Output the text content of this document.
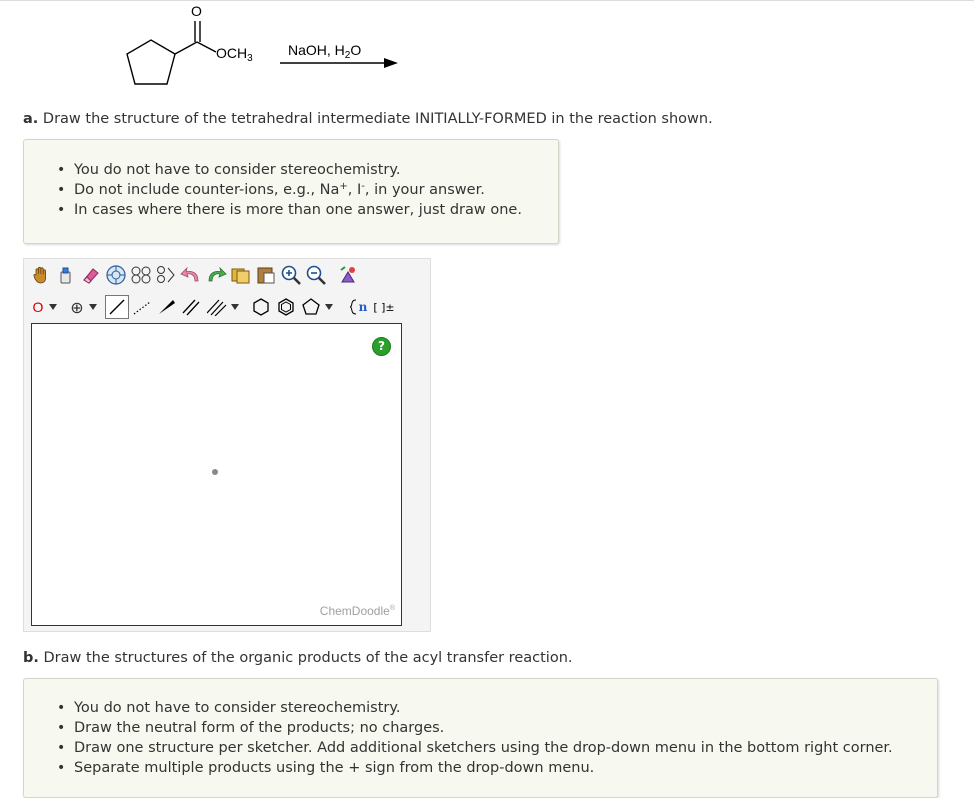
O
$OCH_3$
NaOH, $H_2O$
a. Draw the structure of the tetrahedral intermediate INITIALLY-FORMED in the reaction shown.
• You do not have to consider stereochemistry.
• Do not include counter-ions, e.g., Na+, I-, in your answer.
• In cases where there is more than one answer, just draw one.
O ⊕	n [ ]±
?
ChemDoodle®
b. Draw the structures of the organic products of the acyl transfer reaction.
• You do not have to consider stereochemistry.
• Draw the neutral form of the products; no charges.
• Draw one structure per sketcher. Add additional sketchers using the drop-down menu in the bottom right corner.
• Separate multiple products using the + sign from the drop-down menu.
